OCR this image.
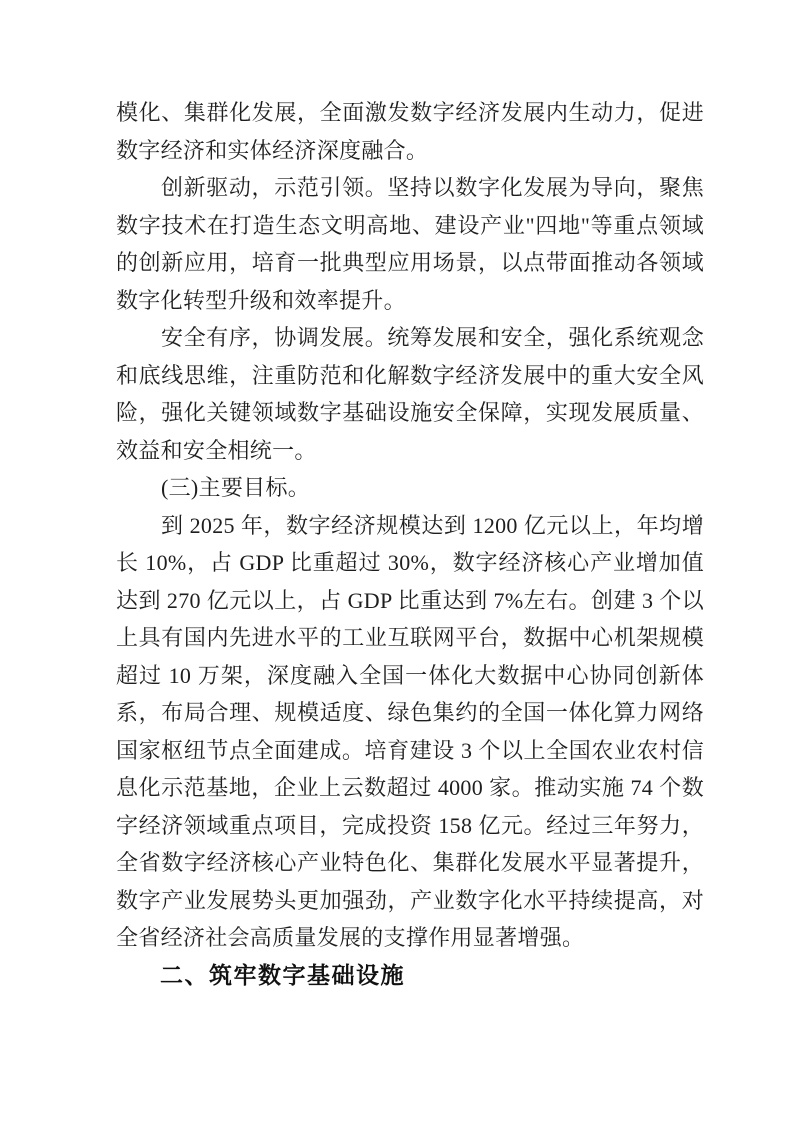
模化、集群化发展，全面激发数字经济发展内生动力，促进数字经济和实体经济深度融合。

创新驱动，示范引领。坚持以数字化发展为导向，聚焦数字技术在打造生态文明高地、建设产业"四地"等重点领域的创新应用，培育一批典型应用场景，以点带面推动各领域数字化转型升级和效率提升。

安全有序，协调发展。统筹发展和安全，强化系统观念和底线思维，注重防范和化解数字经济发展中的重大安全风险，强化关键领域数字基础设施安全保障，实现发展质量、效益和安全相统一。

(三)主要目标。

到 2025 年，数字经济规模达到 1200 亿元以上，年均增长 10%，占 GDP 比重超过 30%，数字经济核心产业增加值达到 270 亿元以上，占 GDP 比重达到 7%左右。创建 3 个以上具有国内先进水平的工业互联网平台，数据中心机架规模超过 10 万架，深度融入全国一体化大数据中心协同创新体系，布局合理、规模适度、绿色集约的全国一体化算力网络国家枢纽节点全面建成。培育建设 3 个以上全国农业农村信息化示范基地，企业上云数超过 4000 家。推动实施 74 个数字经济领域重点项目，完成投资 158 亿元。经过三年努力，全省数字经济核心产业特色化、集群化发展水平显著提升，数字产业发展势头更加强劲，产业数字化水平持续提高，对全省经济社会高质量发展的支撑作用显著增强。

二、筑牢数字基础设施
